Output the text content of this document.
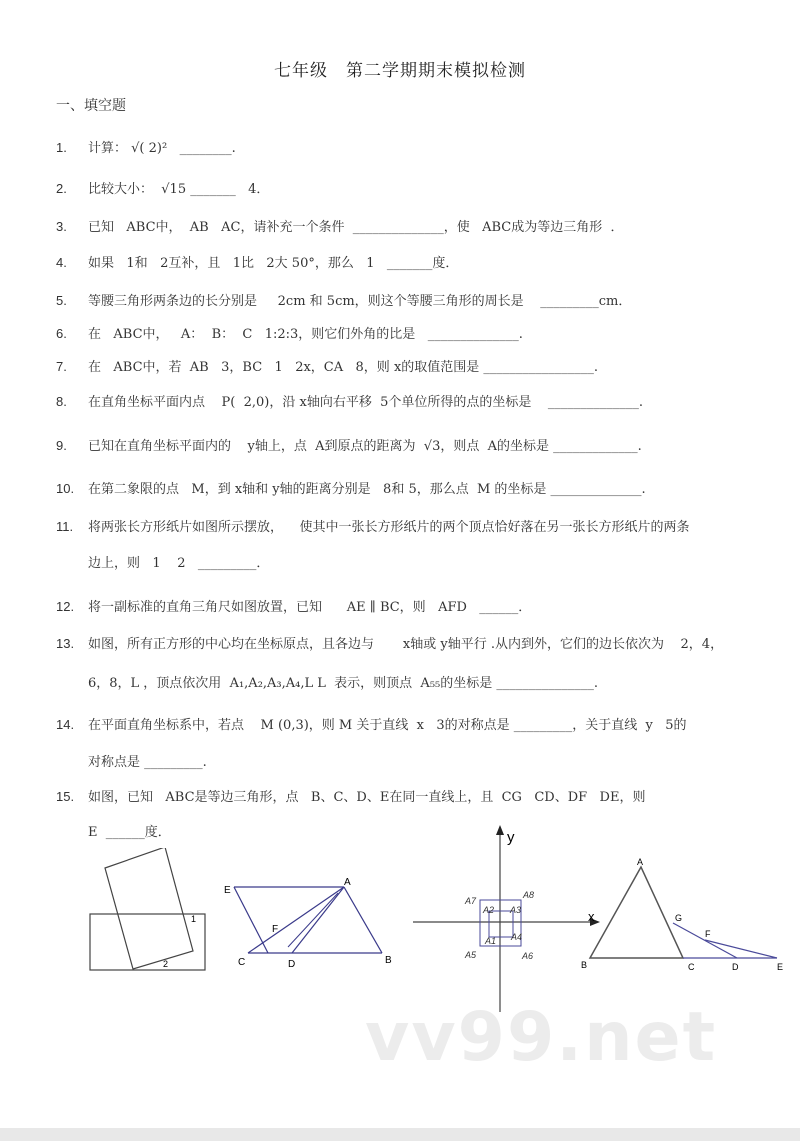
七年级　第二学期期末模拟检测
一、填空题
1. 计算： √( 2)²   ________.
2. 比较大小：  √15 _______   4．
3. 已知   ABC中，  AB   AC，请补充一个条件  ______________，使   ABC成为等边三角形  ．
4. 如果   1和   2互补，且   1比   2大 50°，那么   1   _______度．
5. 等腰三角形两条边的长分别是     2cm 和 5cm，则这个等腰三角形的周长是    _________cm．
6. 在   ABC中，   A：  B：  C   1:2:3，则它们外角的比是   ______________.
7. 在   ABC中，若  AB   3，BC   1   2x，CA   8，则 x的取值范围是 _________________.
8. 在直角坐标平面内点    P(  2,0)，沿 x轴向右平移  5个单位所得的点的坐标是    ______________.
9. 已知在直角坐标平面内的    y轴上，点  A到原点的距离为  √3，则点  A的坐标是 _____________.
10. 在第二象限的点   M，到 x轴和 y轴的距离分别是   8和 5，那么点  M 的坐标是 ______________.
11. 将两张长方形纸片如图所示摆放，    使其中一张长方形纸片的两个顶点恰好落在另一张长方形纸片的两条
边上，则   1    2   _________．
12. 将一副标准的直角三角尺如图放置，已知      AE ∥ BC，则   AFD   ______．
13. 如图，所有正方形的中心均在坐标原点，且各边与       x轴或 y轴平行 .从内到外，它们的边长依次为    2，4，
6，8，L ，顶点依次用  A₁,A₂,A₃,A₄,L L  表示，则顶点  A₅₅的坐标是 _______________.
14. 在平面直角坐标系中，若点    M (0,3)，则 M 关于直线  x   3的对称点是 _________，关于直线  y   5的
对称点是 _________.
15. 如图，已知   ABC是等边三角形，点   B、C、D、E在同一直线上，且  CG   CD、DF   DE，则
E  ______度．
1
2
E
A
F
C	D	B
y
x
A1
A2 A3
A4
A5	A6
A7
A8
A
G
F
B	C	D	E
vv99.net
